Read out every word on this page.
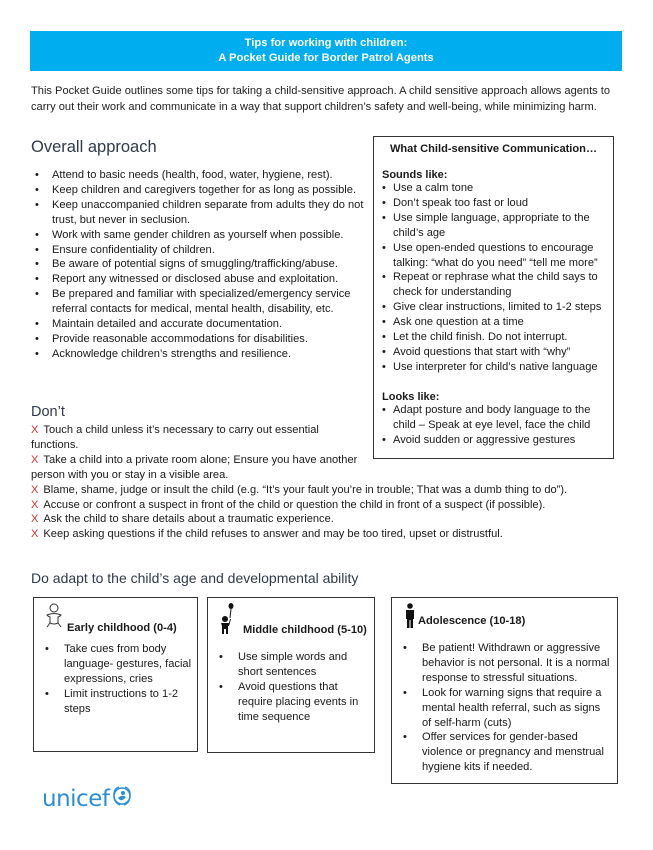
Tips for working with children:
A Pocket Guide for Border Patrol Agents
This Pocket Guide outlines some tips for taking a child-sensitive approach. A child sensitive approach allows agents to carry out their work and communicate in a way that support children’s safety and well-being, while minimizing harm.
Overall approach
• Attend to basic needs (health, food, water, hygiene, rest).
• Keep children and caregivers together for as long as possible.
• Keep unaccompanied children separate from adults they do not trust, but never in seclusion.
• Work with same gender children as yourself when possible.
• Ensure confidentiality of children.
• Be aware of potential signs of smuggling/trafficking/abuse.
• Report any witnessed or disclosed abuse and exploitation.
• Be prepared and familiar with specialized/emergency service referral contacts for medical, mental health, disability, etc.
• Maintain detailed and accurate documentation.
• Provide reasonable accommodations for disabilities.
• Acknowledge children’s strengths and resilience.
What Child-sensitive Communication…

Sounds like:

• Use a calm tone
• Don’t speak too fast or loud
• Use simple language, appropriate to the child’s age
• Use open-ended questions to encourage talking: “what do you need” “tell me more”
• Repeat or rephrase what the child says to check for understanding
• Give clear instructions, limited to 1-2 steps
• Ask one question at a time
• Let the child finish. Do not interrupt.
• Avoid questions that start with “why”
• Use interpreter for child’s native language

Looks like:

• Adapt posture and body language to the child – Speak at eye level, face the child
• Avoid sudden or aggressive gestures
Don’t
X Touch a child unless it’s necessary to carry out essential functions.
X Take a child into a private room alone; Ensure you have another person with you or stay in a visible area.
X Blame, shame, judge or insult the child (e.g. “It’s your fault you’re in trouble; That was a dumb thing to do”).
X Accuse or confront a suspect in front of the child or question the child in front of a suspect (if possible).
X Ask the child to share details about a traumatic experience.
X Keep asking questions if the child refuses to answer and may be too tired, upset or distrustful.
Do adapt to the child’s age and developmental ability
Early childhood (0-4)
• Take cues from body language- gestures, facial expressions, cries
• Limit instructions to 1-2 steps
Middle childhood (5-10)
• Use simple words and short sentences
• Avoid questions that require placing events in time sequence
Adolescence (10-18)
• Be patient! Withdrawn or aggressive behavior is not personal. It is a normal response to stressful situations.
• Look for warning signs that require a mental health referral, such as signs of self-harm (cuts)
• Offer services for gender-based violence or pregnancy and menstrual hygiene kits if needed.
unicef
